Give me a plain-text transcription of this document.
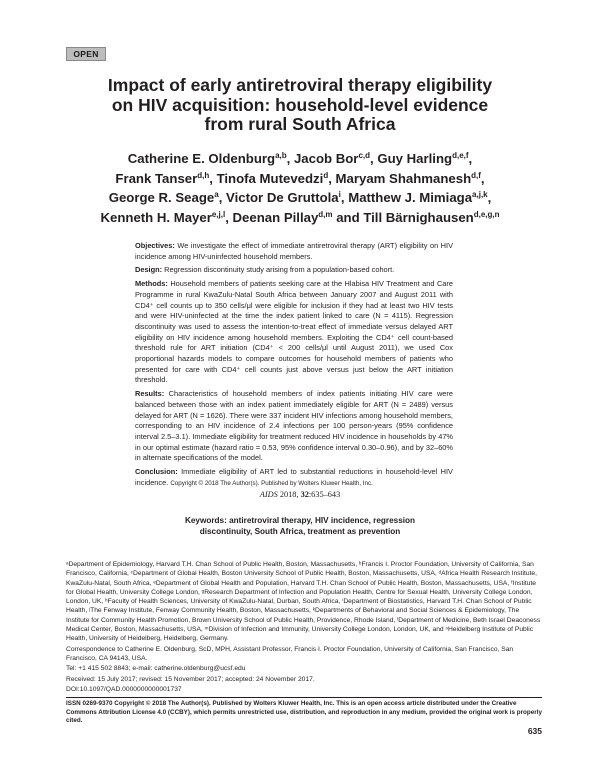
OPEN
Impact of early antiretroviral therapy eligibility
on HIV acquisition: household-level evidence
from rural South Africa
Catherine E. Oldenburg$^{a,b}$, Jacob Bor$^{c,d}$, Guy Harling$^{d,e,f}$,
Frank Tanser$^{d,h}$, Tinofa Mutevedzi$^d$, Maryam Shahmanesh$^{d,f}$,
George R. Seage$^a$, Victor De Gruttola$^i$, Matthew J. Mimiaga$^{a,j,k}$,
Kenneth H. Mayer$^{e,j,l}$, Deenan Pillay$^{d,m}$ and Till Bärnighausen$^{d,e,g,n}$

Objectives: We investigate the effect of immediate antiretroviral therapy (ART) eligibility on HIV incidence among HIV-uninfected household members.

Design: Regression discontinuity study arising from a population-based cohort.

Methods: Household members of patients seeking care at the Hlabisa HIV Treatment and Care Programme in rural KwaZulu-Natal South Africa between January 2007 and August 2011 with CD4⁺ cell counts up to 350 cells/μl were eligible for inclusion if they had at least two HIV tests and were HIV-uninfected at the time the index patient linked to care (N = 4115). Regression discontinuity was used to assess the intention-to-treat effect of immediate versus delayed ART eligibility on HIV incidence among household members. Exploiting the CD4⁺ cell count-based threshold rule for ART initiation (CD4⁺ < 200 cells/μl until August 2011), we used Cox proportional hazards models to compare outcomes for household members of patients who presented for care with CD4⁺ cell counts just above versus just below the ART initiation threshold.

Results: Characteristics of household members of index patients initiating HIV care were balanced between those with an index patient immediately eligible for ART (N = 2489) versus delayed for ART (N = 1626). There were 337 incident HIV infections among household members, corresponding to an HIV incidence of 2.4 infections per 100 person-years (95% confidence interval 2.5–3.1). Immediate eligibility for treatment reduced HIV incidence in households by 47% in our optimal estimate (hazard ratio = 0.53, 95% confidence interval 0.30–0.96), and by 32–60% in alternate specifications of the model.

Conclusion: Immediate eligibility of ART led to substantial reductions in household-level HIV incidence. Copyright © 2018 The Author(s). Published by Wolters Kluwer Health, Inc.

AIDS 2018, 32:635–643
Keywords: antiretroviral therapy, HIV incidence, regression discontinuity, South Africa, treatment as prevention

ᵃDepartment of Epidemiology, Harvard T.H. Chan School of Public Health, Boston, Massachusetts, ᵇFrancis I. Proctor Foundation, University of California, San Francisco, California, ᶜDepartment of Global Health, Boston University School of Public Health, Boston, Massachusetts, USA, ᵈAfrica Health Research Institute, KwaZulu-Natal, South Africa, ᵉDepartment of Global Health and Population, Harvard T.H. Chan School of Public Health, Boston, Massachusetts, USA, ᶠInstitute for Global Health, University College London, ᵍResearch Department of Infection and Population Health, Centre for Sexual Health, University College London, London, UK, ʰFaculty of Health Sciences, University of KwaZulu-Natal, Durban, South Africa, ⁱDepartment of Biostatistics, Harvard T.H. Chan School of Public Health, ʲThe Fenway Institute, Fenway Community Health, Boston, Massachusetts, ᵏDepartments of Behavioral and Social Sciences & Epidemiology, The Institute for Community Health Promotion, Brown University School of Public Health, Providence, Rhode Island, ˡDepartment of Medicine, Beth Israel Deaconess Medical Center, Boston, Massachusetts, USA, ᵐDivision of Infection and Immunity, University College London, London, UK, and ⁿHeidelberg Institute of Public Health, University of Heidelberg, Heidelberg, Germany.

Correspondence to Catherine E. Oldenburg, ScD, MPH, Assistant Professor, Francis I. Proctor Foundation, University of California, San Francisco, San Francisco, CA 94143, USA.

Tel: +1 415 502 8843; e-mail: catherine.oldenburg@ucsf.edu

Received: 15 July 2017; revised: 15 November 2017; accepted: 24 November 2017.

DOI:10.1097/QAD.0000000000001737

ISSN 0269-9370 Copyright © 2018 The Author(s). Published by Wolters Kluwer Health, Inc. This is an open access article distributed under the Creative Commons Attribution License 4.0 (CCBY), which permits unrestricted use, distribution, and reproduction in any medium, provided the original work is properly cited.
635
